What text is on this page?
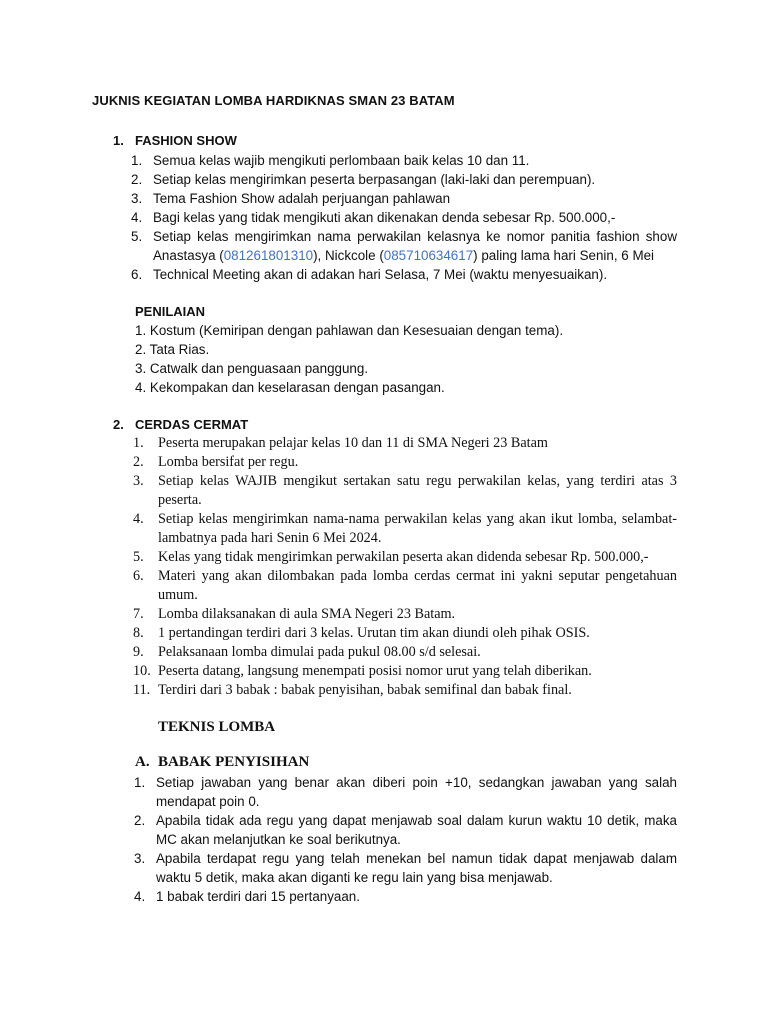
JUKNIS KEGIATAN LOMBA HARDIKNAS SMAN 23 BATAM

1. FASHION SHOW

1. Semua kelas wajib mengikuti perlombaan baik kelas 10 dan 11.
2. Setiap kelas mengirimkan peserta berpasangan (laki-laki dan perempuan).
3. Tema Fashion Show adalah perjuangan pahlawan
4. Bagi kelas yang tidak mengikuti akan dikenakan denda sebesar Rp. 500.000,-
5. Setiap kelas mengirimkan nama perwakilan kelasnya ke nomor panitia fashion show Anastasya (081261801310), Nickcole (085710634617) paling lama hari Senin, 6 Mei
6. Technical Meeting akan di adakan hari Selasa, 7 Mei (waktu menyesuaikan).

PENILAIAN

1. Kostum (Kemiripan dengan pahlawan dan Kesesuaian dengan tema).
2. Tata Rias.
3. Catwalk dan penguasaan panggung.
4. Kekompakan dan keselarasan dengan pasangan.

2. CERDAS CERMAT

1. Peserta merupakan pelajar kelas 10 dan 11 di SMA Negeri 23 Batam
2. Lomba bersifat per regu.
3. Setiap kelas WAJIB mengikut sertakan satu regu perwakilan kelas, yang terdiri atas 3 peserta.
4. Setiap kelas mengirimkan nama-nama perwakilan kelas yang akan ikut lomba, selambat-lambatnya pada hari Senin 6 Mei 2024.
5. Kelas yang tidak mengirimkan perwakilan peserta akan didenda sebesar Rp. 500.000,-
6. Materi yang akan dilombakan pada lomba cerdas cermat ini yakni seputar pengetahuan umum.
7. Lomba dilaksanakan di aula SMA Negeri 23 Batam.
8. 1 pertandingan terdiri dari 3 kelas. Urutan tim akan diundi oleh pihak OSIS.
9. Pelaksanaan lomba dimulai pada pukul 08.00 s/d selesai.
10. Peserta datang, langsung menempati posisi nomor urut yang telah diberikan.
11. Terdiri dari 3 babak : babak penyisihan, babak semifinal dan babak final.

TEKNIS LOMBA

A. BABAK PENYISIHAN

1. Setiap jawaban yang benar akan diberi poin +10, sedangkan jawaban yang salah mendapat poin 0.
2. Apabila tidak ada regu yang dapat menjawab soal dalam kurun waktu 10 detik, maka MC akan melanjutkan ke soal berikutnya.
3. Apabila terdapat regu yang telah menekan bel namun tidak dapat menjawab dalam waktu 5 detik, maka akan diganti ke regu lain yang bisa menjawab.
4. 1 babak terdiri dari 15 pertanyaan.
